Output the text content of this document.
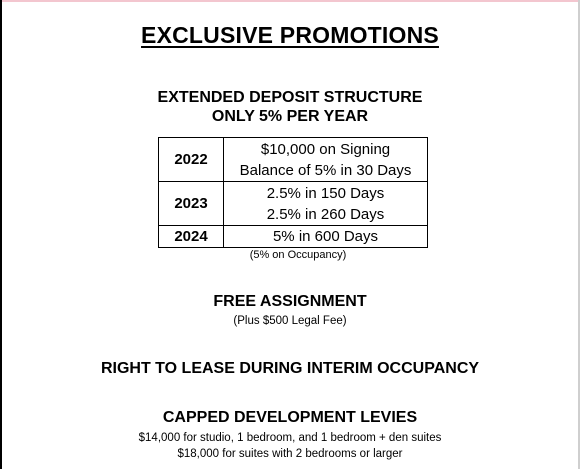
EXCLUSIVE PROMOTIONS
EXTENDED DEPOSIT STRUCTURE
ONLY 5% PER YEAR
2022	$10,000 on Signing
Balance of 5% in 30 Days

2023	2.5% in 150 Days
2.5% in 260 Days

2024	5% in 600 Days
(5% on Occupancy)
FREE ASSIGNMENT
(Plus $500 Legal Fee)
RIGHT TO LEASE DURING INTERIM OCCUPANCY
CAPPED DEVELOPMENT LEVIES
$14,000 for studio, 1 bedroom, and 1 bedroom + den suites
$18,000 for suites with 2 bedrooms or larger
